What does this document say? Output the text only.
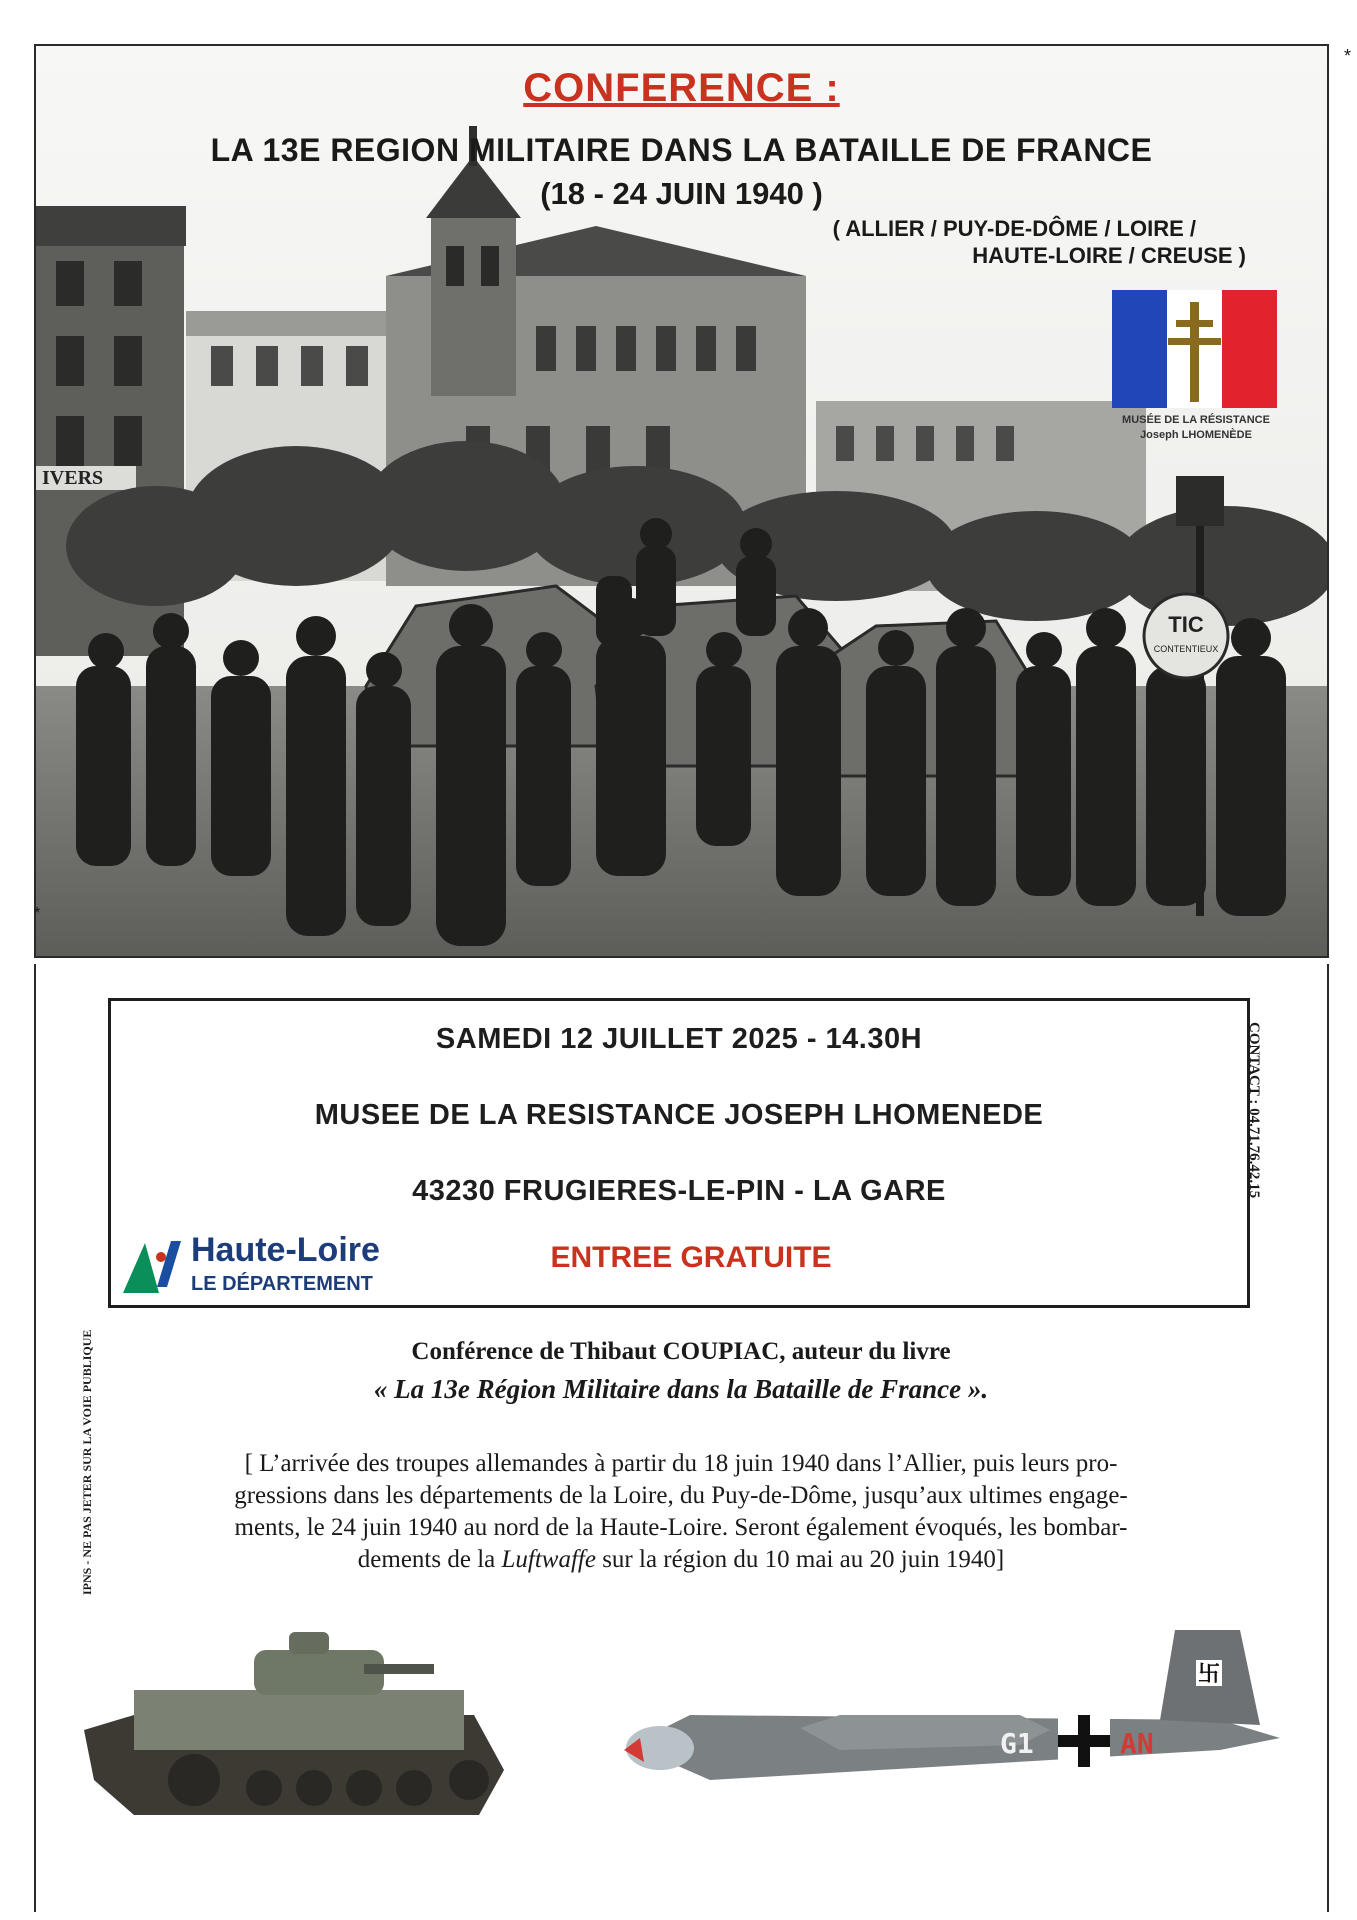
IVERS
TIC
CONTENTIEUX
CONFERENCE :
LA 13E REGION MILITAIRE DANS LA BATAILLE DE FRANCE
(18 - 24 JUIN 1940 )
( ALLIER / PUY-DE-DÔME / LOIRE /
HAUTE-LOIRE / CREUSE )
MUSÉE DE LA RÉSISTANCE
Joseph LHOMENÈDE
*
*
SAMEDI 12 JUILLET 2025 - 14.30H
MUSEE DE LA RESISTANCE JOSEPH LHOMENEDE
43230 FRUGIERES-LE-PIN - LA GARE
ENTREE GRATUITE
Haute-Loire
LE DÉPARTEMENT
CONTACT : 04.71.76.42.15
IPNS - NE PAS JETER SUR LA VOIE PUBLIQUE	Conférence de Thibaut COUPIAC, auteur du livre
« La 13e Région Militaire dans la Bataille de France ».
[ L’arrivée des troupes allemandes à partir du 18 juin 1940 dans l’Allier, puis leurs pro-
gressions dans les départements de la Loire, du Puy-de-Dôme, jusqu’aux ultimes engage-
ments, le 24 juin 1940 au nord de la Haute-Loire. Seront également évoqués, les bombar-
dements de la Luftwaffe sur la région du 10 mai au 20 juin 1940]
卐
G1	AN
